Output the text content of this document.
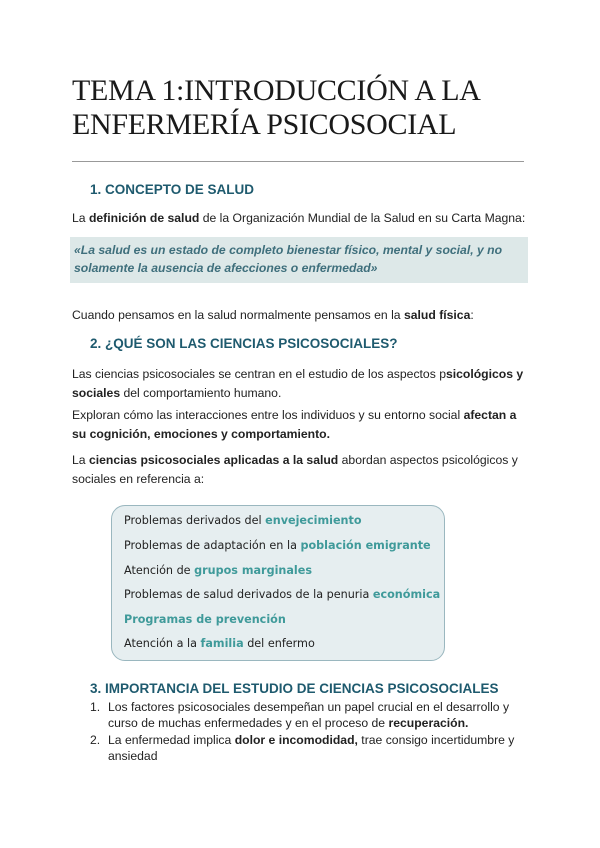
TEMA 1:INTRODUCCIÓN A LA
ENFERMERÍA PSICOSOCIAL
1. CONCEPTO DE SALUD

La definición de salud de la Organización Mundial de la Salud en su Carta Magna:

«La salud es un estado de completo bienestar físico, mental y social, y no
solamente la ausencia de afecciones o enfermedad»

Cuando pensamos en la salud normalmente pensamos en la salud física:

2. ¿QUÉ SON LAS CIENCIAS PSICOSOCIALES?

Las ciencias psicosociales se centran en el estudio de los aspectos psicológicos y
sociales del comportamiento humano.

Exploran cómo las interacciones entre los individuos y su entorno social afectan a
su cognición, emociones y comportamiento.

La ciencias psicosociales aplicadas a la salud abordan aspectos psicológicos y
sociales en referencia a:

Problemas derivados del envejecimiento
Problemas de adaptación en la población emigrante
Atención de grupos marginales
Problemas de salud derivados de la penuria económica
Programas de prevención
Atención a la familia del enfermo
3. IMPORTANCIA DEL ESTUDIO DE CIENCIAS PSICOSOCIALES
1. Los factores psicosociales desempeñan un papel crucial en el desarrollo y
curso de muchas enfermedades y en el proceso de recuperación.
2. La enfermedad implica dolor e incomodidad, trae consigo incertidumbre y
ansiedad
